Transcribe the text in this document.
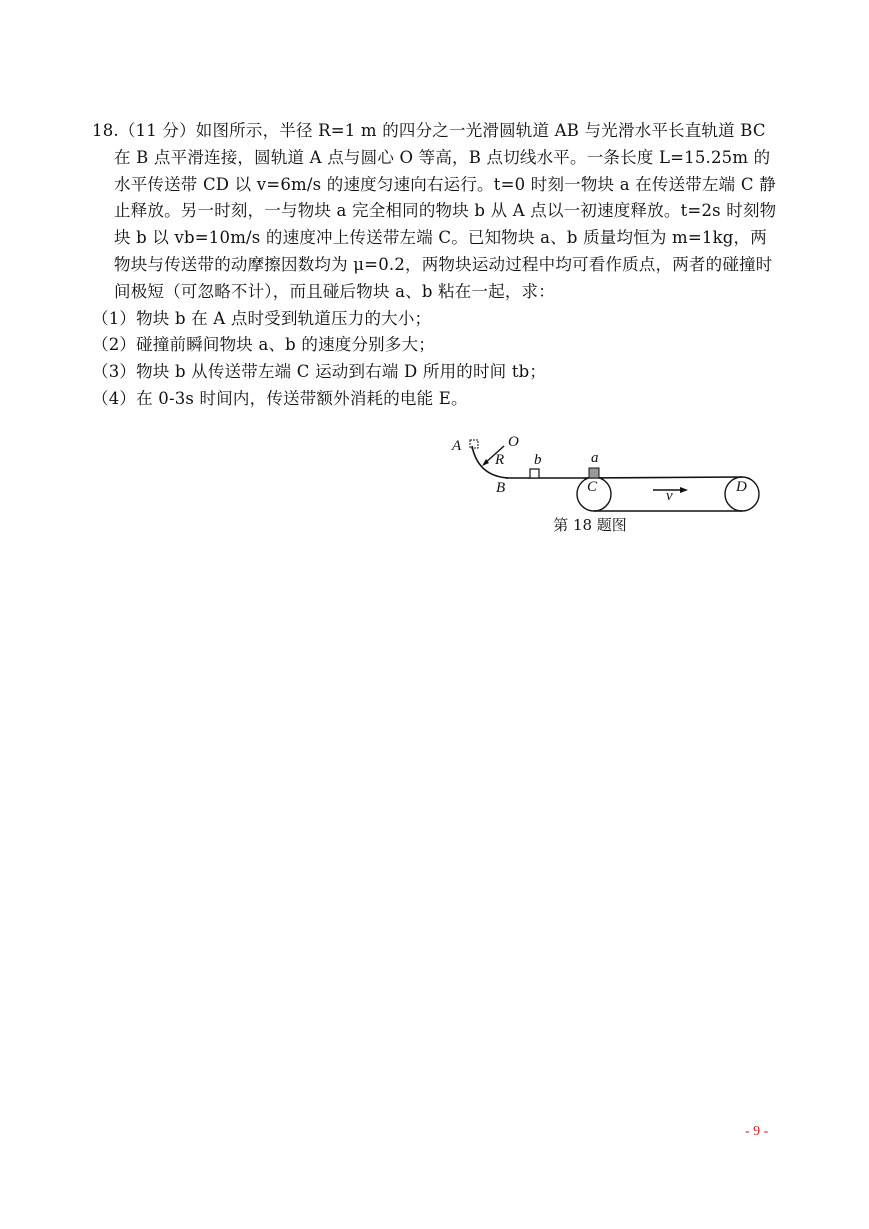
18.（11 分）如图所示，半径 R=1 m 的四分之一光滑圆轨道 AB 与光滑水平长直轨道 BC 在 B 点平滑连接，圆轨道 A 点与圆心 O 等高，B 点切线水平。一条长度 L=15.25m 的水平传送带 CD 以 v=6m/s 的速度匀速向右运行。t=0 时刻一物块 a 在传送带左端 C 静止释放。另一时刻，一与物块 a 完全相同的物块 b 从 A 点以一初速度释放。t=2s 时刻物块 b 以 vb=10m/s 的速度冲上传送带左端 C。已知物块 a、b 质量均恒为 m=1kg，两物块与传送带的动摩擦因数均为 μ=0.2，两物块运动过程中均可看作质点，两者的碰撞时间极短（可忽略不计），而且碰后物块 a、b 粘在一起，求：

（1）物块 b 在 A 点时受到轨道压力的大小；

（2）碰撞前瞬间物块 a、b 的速度分别多大；

（3）物块 b 从传送带左端 C 运动到右端 D 所用的时间 tb；

（4）在 0-3s 时间内，传送带额外消耗的电能 E。

A	O
R
B
b	a
C
v
D
第 18 题图
- 9 -
